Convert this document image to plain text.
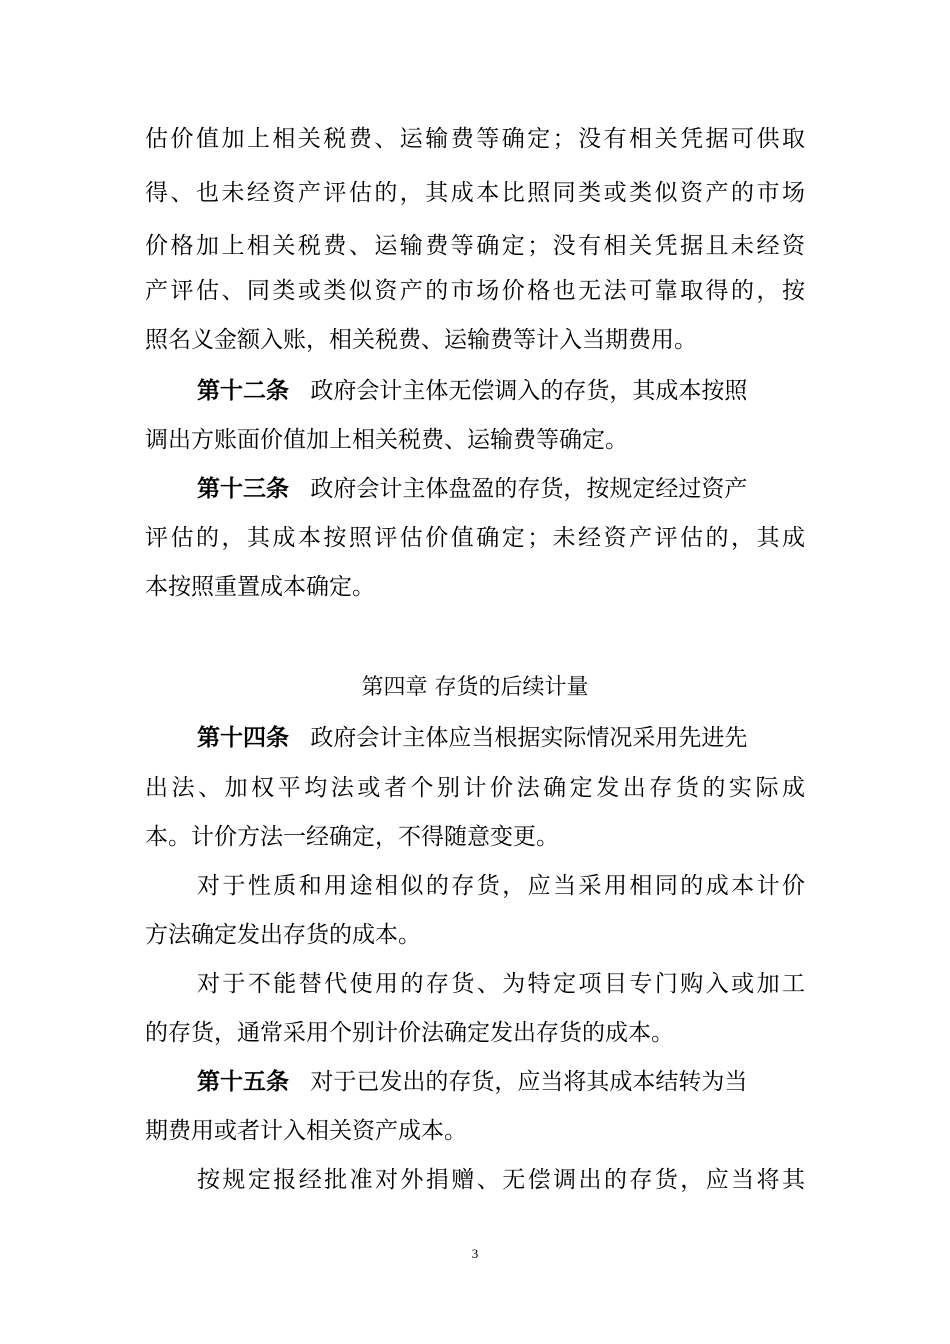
估价值加上相关税费、运输费等确定；没有相关凭据可供取
得、也未经资产评估的，其成本比照同类或类似资产的市场
价格加上相关税费、运输费等确定；没有相关凭据且未经资
产评估、同类或类似资产的市场价格也无法可靠取得的，按
照名义金额入账，相关税费、运输费等计入当期费用。
第十二条 政府会计主体无偿调入的存货，其成本按照
调出方账面价值加上相关税费、运输费等确定。
第十三条 政府会计主体盘盈的存货，按规定经过资产
评估的，其成本按照评估价值确定；未经资产评估的，其成
本按照重置成本确定。
第四章 存货的后续计量
第十四条 政府会计主体应当根据实际情况采用先进先
出法、加权平均法或者个别计价法确定发出存货的实际成
本。计价方法一经确定，不得随意变更。
对于性质和用途相似的存货，应当采用相同的成本计价
方法确定发出存货的成本。
对于不能替代使用的存货、为特定项目专门购入或加工
的存货，通常采用个别计价法确定发出存货的成本。
第十五条 对于已发出的存货，应当将其成本结转为当
期费用或者计入相关资产成本。
按规定报经批准对外捐赠、无偿调出的存货，应当将其
3
